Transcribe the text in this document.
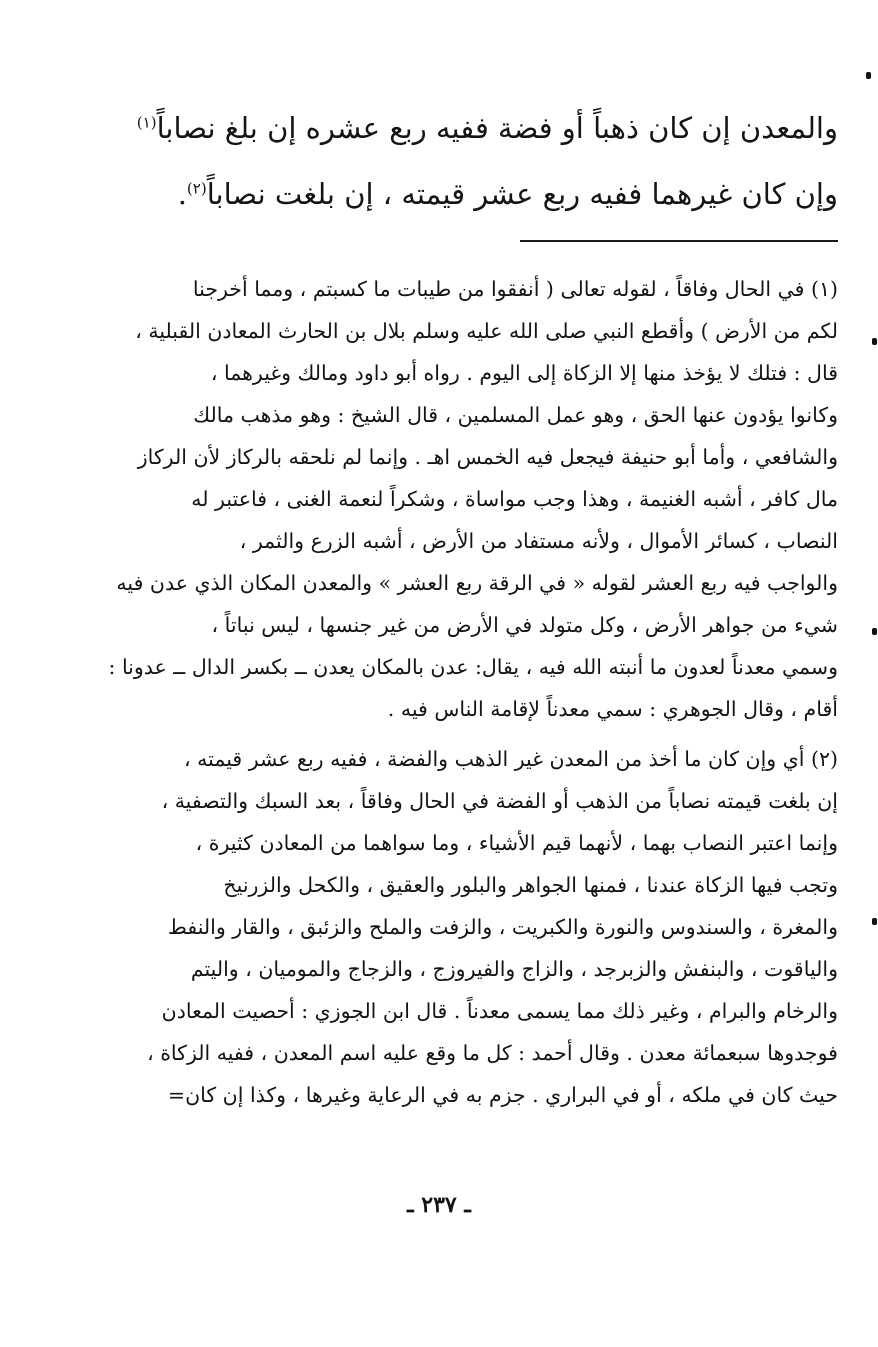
والمعدن إن كان ذهباً أو فضة ففيه ربع عشره إن بلغ نصاباً$^{(١)}$
وإن كان غيرهما ففيه ربع عشر قيمته ، إن بلغت نصاباً$^{(٢)}$.
(١) في الحال وفاقاً ، لقوله تعالى ( أنفقوا من طيبات ما كسبتم ، ومما أخرجنا
لكم من الأرض ) وأقطع النبي صلى الله عليه وسلم بلال بن الحارث المعادن القبلية ،
قال : فتلك لا يؤخذ منها إلا الزكاة إلى اليوم . رواه أبو داود ومالك وغيرهما ،
وكانوا يؤدون عنها الحق ، وهو عمل المسلمين ، قال الشيخ : وهو مذهب مالك
والشافعي ، وأما أبو حنيفة فيجعل فيه الخمس اهـ . وإنما لم نلحقه بالركاز لأن الركاز
مال كافر ، أشبه الغنيمة ، وهذا وجب مواساة ، وشكراً لنعمة الغنى ، فاعتبر له
النصاب ، كسائر الأموال ، ولأنه مستفاد من الأرض ، أشبه الزرع والثمر ،
والواجب فيه ربع العشر لقوله « في الرقة ربع العشر » والمعدن المكان الذي عدن فيه
شيء من جواهر الأرض ، وكل متولد في الأرض من غير جنسها ، ليس نباتاً ،
وسمي معدناً لعدون ما أنبته الله فيه ، يقال: عدن بالمكان يعدن ــ بكسر الدال ــ عدونا :
أقام ، وقال الجوهري : سمي معدناً لإقامة الناس فيه .
(٢) أي وإن كان ما أخذ من المعدن غير الذهب والفضة ، ففيه ربع عشر قيمته ،
إن بلغت قيمته نصاباً من الذهب أو الفضة في الحال وفاقاً ، بعد السبك والتصفية ،
وإنما اعتبر النصاب بهما ، لأنهما قيم الأشياء ، وما سواهما من المعادن كثيرة ،
وتجب فيها الزكاة عندنا ، فمنها الجواهر والبلور والعقيق ، والكحل والزرنيخ
والمغرة ، والسندوس والنورة والكبريت ، والزفت والملح والزئبق ، والقار والنفط
والياقوت ، والبنفش والزبرجد ، والزاج والفيروزج ، والزجاج والموميان ، واليتم
والرخام والبرام ، وغير ذلك مما يسمى معدناً . قال ابن الجوزي : أحصيت المعادن
فوجدوها سبعمائة معدن . وقال أحمد : كل ما وقع عليه اسم المعدن ، ففيه الزكاة ،
حيث كان في ملكه ، أو في البراري . جزم به في الرعاية وغيرها ، وكذا إن كان=
ـ ٢٣٧ ـ
